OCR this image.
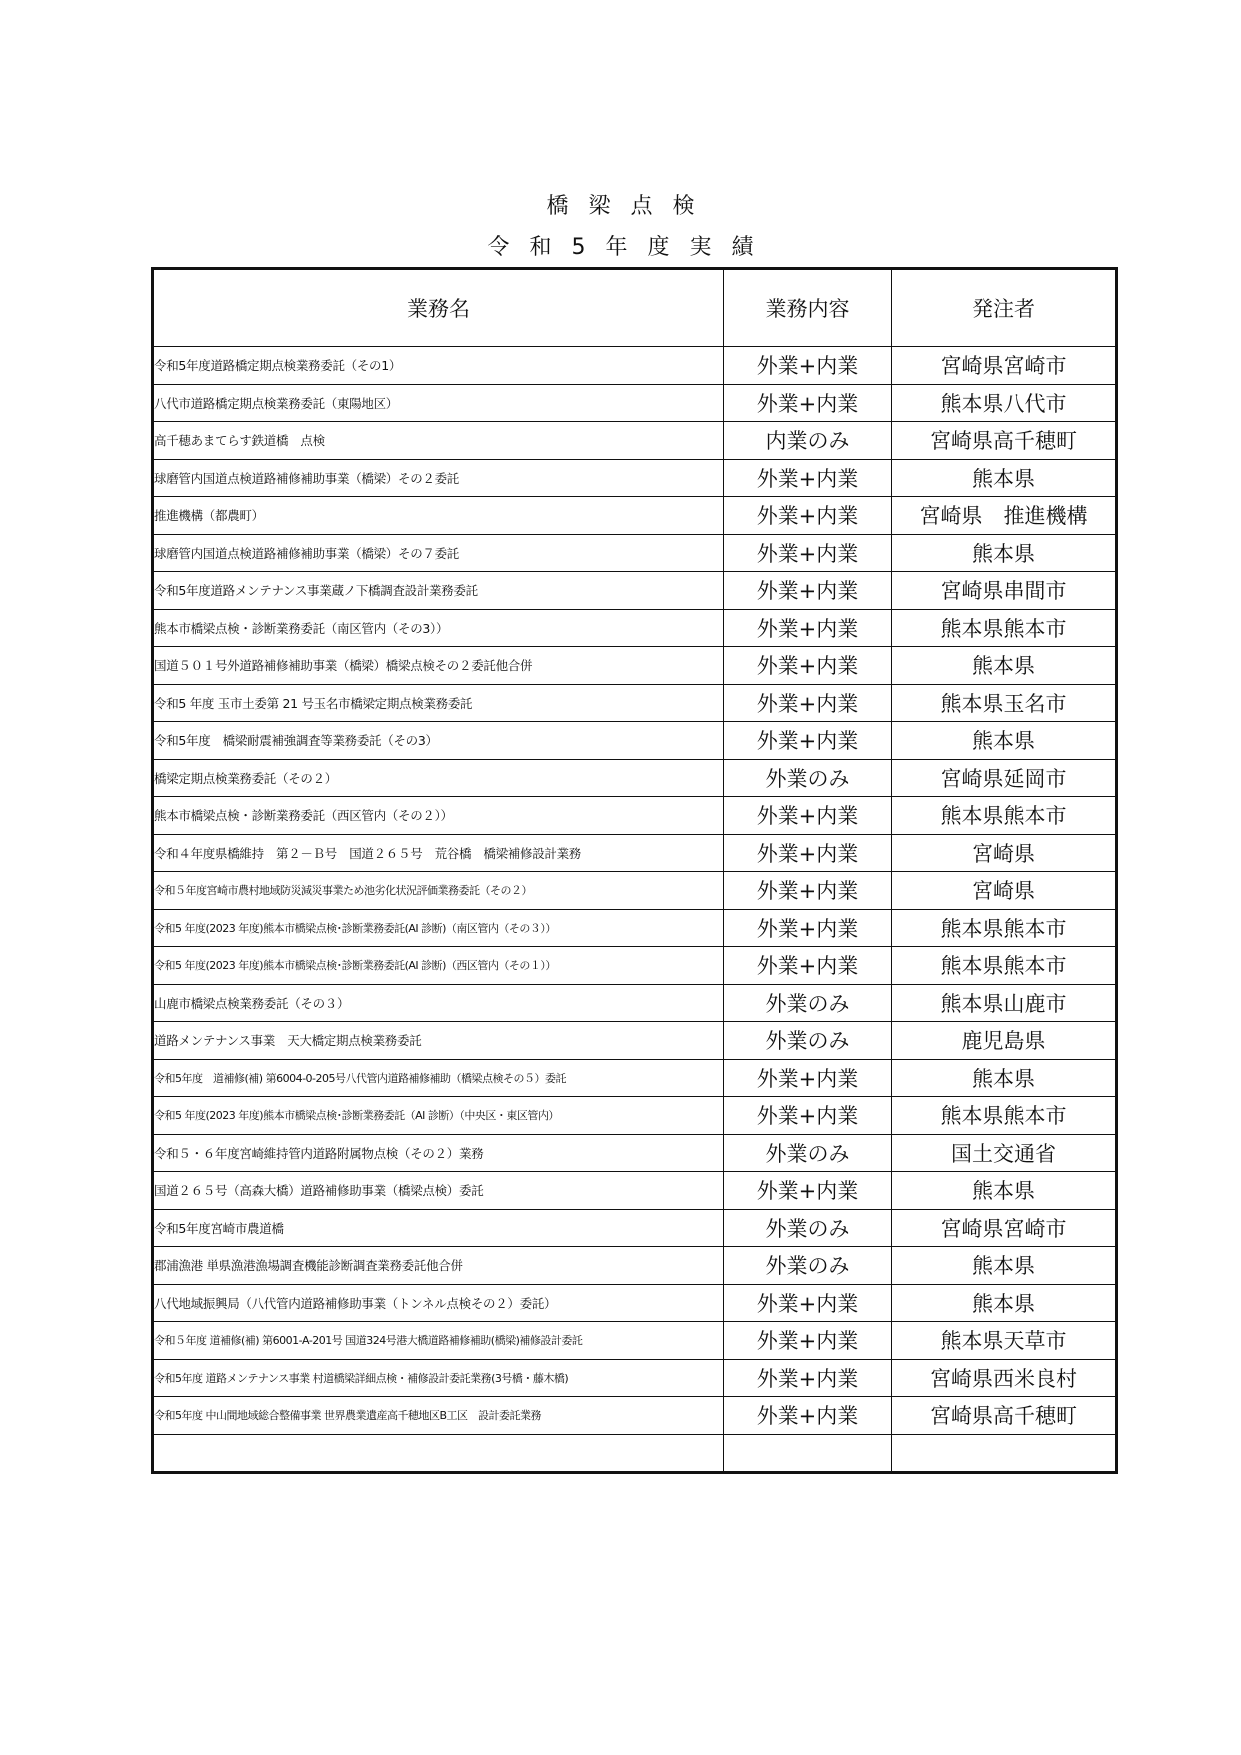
橋梁点検
令和5年度実績
業務名	業務内容	発注者
令和5年度道路橋定期点検業務委託（その1）	外業+内業	宮崎県宮崎市
八代市道路橋定期点検業務委託（東陽地区）	外業+内業	熊本県八代市
高千穂あまてらす鉄道橋　点検	内業のみ	宮崎県高千穂町
球磨管内国道点検道路補修補助事業（橋梁）その２委託	外業+内業	熊本県
推進機構（都農町）	外業+内業	宮崎県　推進機構
球磨管内国道点検道路補修補助事業（橋梁）その７委託	外業+内業	熊本県
令和5年度道路メンテナンス事業蔵ノ下橋調査設計業務委託	外業+内業	宮崎県串間市
熊本市橋梁点検・診断業務委託（南区管内（その3））	外業+内業	熊本県熊本市
国道５０１号外道路補修補助事業（橋梁）橋梁点検その２委託他合併	外業+内業	熊本県
令和5 年度 玉市土委第 21 号玉名市橋梁定期点検業務委託	外業+内業	熊本県玉名市
令和5年度　橋梁耐震補強調査等業務委託（その3）	外業+内業	熊本県
橋梁定期点検業務委託（その２）	外業のみ	宮崎県延岡市
熊本市橋梁点検・診断業務委託（西区管内（その２））	外業+内業	熊本県熊本市
令和４年度県橋維持　第２－Ｂ号　国道２６５号　荒谷橋　橋梁補修設計業務	外業+内業	宮崎県
令和５年度宮崎市農村地域防災減災事業ため池劣化状況評価業務委託（その２）	外業+内業	宮崎県
令和5 年度(2023 年度)熊本市橋梁点検･診断業務委託(AI 診断)（南区管内（その３））	外業+内業	熊本県熊本市
令和5 年度(2023 年度)熊本市橋梁点検･診断業務委託(AI 診断)（西区管内（その１））	外業+内業	熊本県熊本市
山鹿市橋梁点検業務委託（その３）	外業のみ	熊本県山鹿市
道路メンテナンス事業　天大橋定期点検業務委託	外業のみ	鹿児島県
令和5年度　道補修(補) 第6004-0-205号八代管内道路補修補助（橋梁点検その５）委託	外業+内業	熊本県
令和5 年度(2023 年度)熊本市橋梁点検･診断業務委託（AI 診断）（中央区・東区管内）	外業+内業	熊本県熊本市
令和５・６年度宮崎維持管内道路附属物点検（その２）業務	外業のみ	国土交通省
国道２６５号（高森大橋）道路補修助事業（橋梁点検）委託	外業+内業	熊本県
令和5年度宮崎市農道橋	外業のみ	宮崎県宮崎市
郡浦漁港 単県漁港漁場調査機能診断調査業務委託他合併	外業のみ	熊本県
八代地域振興局（八代管内道路補修助事業（トンネル点検その２）委託）	外業+内業	熊本県
令和５年度 道補修(補) 第6001-A-201号 国道324号港大橋道路補修補助(橋梁)補修設計委託	外業+内業	熊本県天草市
令和5年度 道路メンテナンス事業 村道橋梁詳細点検・補修設計委託業務(3号橋・藤木橋)	外業+内業	宮崎県西米良村
令和5年度 中山間地域総合整備事業 世界農業遺産高千穂地区B工区　設計委託業務	外業+内業	宮崎県高千穂町
